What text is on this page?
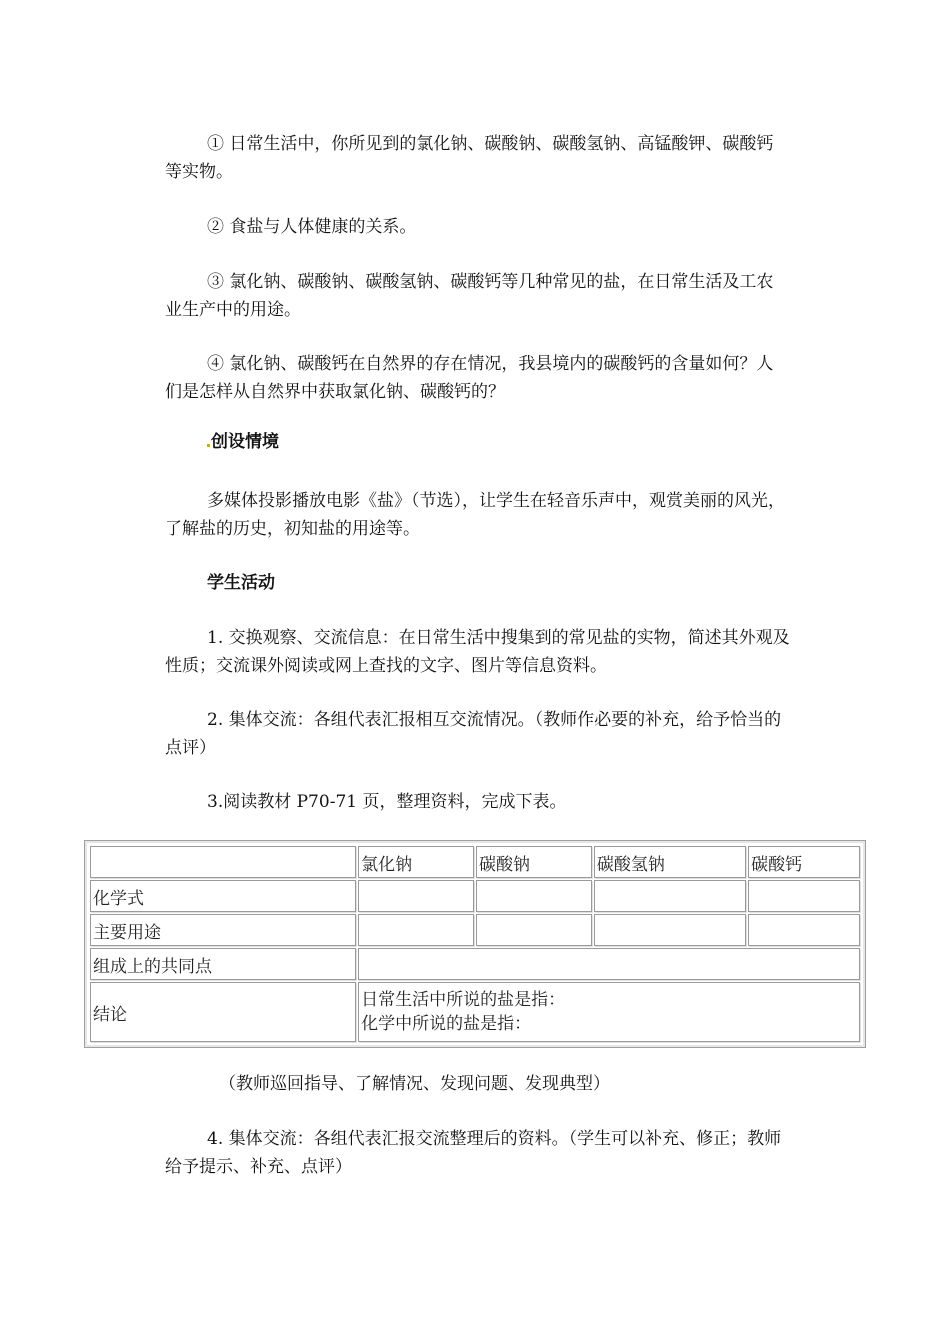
① 日常生活中，你所见到的氯化钠、碳酸钠、碳酸氢钠、高锰酸钾、碳酸钙等实物。

② 食盐与人体健康的关系。

③ 氯化钠、碳酸钠、碳酸氢钠、碳酸钙等几种常见的盐，在日常生活及工农业生产中的用途。

④ 氯化钠、碳酸钙在自然界的存在情况，我县境内的碳酸钙的含量如何？人们是怎样从自然界中获取氯化钠、碳酸钙的？

创设情境

多媒体投影播放电影《盐》（节选），让学生在轻音乐声中，观赏美丽的风光，了解盐的历史，初知盐的用途等。

学生活动

1. 交换观察、交流信息：在日常生活中搜集到的常见盐的实物，简述其外观及性质；交流课外阅读或网上查找的文字、图片等信息资料。

2. 集体交流：各组代表汇报相互交流情况。（教师作必要的补充，给予恰当的点评）

3.阅读教材 P70-71 页，整理资料，完成下表。

	氯化钠	碳酸钠	碳酸氢钠	碳酸钙
化学式				
主要用途				
组成上的共同点				
结论	日常生活中所说的盐是指：
化学中所说的盐是指：			

（教师巡回指导、了解情况、发现问题、发现典型）

4. 集体交流：各组代表汇报交流整理后的资料。（学生可以补充、修正；教师给予提示、补充、点评）
